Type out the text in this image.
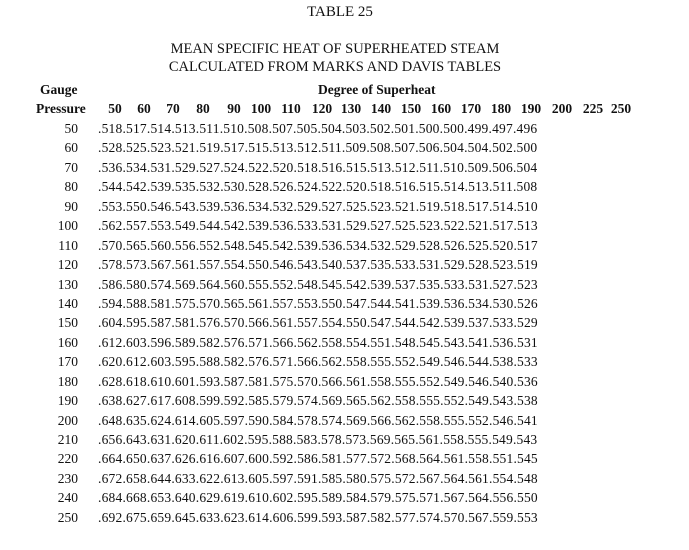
TABLE 25
MEAN SPECIFIC HEAT OF SUPERHEATED STEAM
CALCULATED FROM MARKS AND DAVIS TABLES
Gauge	Degree of Superheat
Pressure	50	60	70	80	90 100 110 120 130 140 150 160 170 180 190 200 225 250
50 .518.517.514.513.511.510.508.507.505.504.503.502.501.500.500.499.497.496
60 .528.525.523.521.519.517.515.513.512.511.509.508.507.506.504.504.502.500
70 .536.534.531.529.527.524.522.520.518.516.515.513.512.511.510.509.506.504
80 .544.542.539.535.532.530.528.526.524.522.520.518.516.515.514.513.511.508
90 .553.550.546.543.539.536.534.532.529.527.525.523.521.519.518.517.514.510
100 .562.557.553.549.544.542.539.536.533.531.529.527.525.523.522.521.517.513
110 .570.565.560.556.552.548.545.542.539.536.534.532.529.528.526.525.520.517
120 .578.573.567.561.557.554.550.546.543.540.537.535.533.531.529.528.523.519
130 .586.580.574.569.564.560.555.552.548.545.542.539.537.535.533.531.527.523
140 .594.588.581.575.570.565.561.557.553.550.547.544.541.539.536.534.530.526
150 .604.595.587.581.576.570.566.561.557.554.550.547.544.542.539.537.533.529
160 .612.603.596.589.582.576.571.566.562.558.554.551.548.545.543.541.536.531
170 .620.612.603.595.588.582.576.571.566.562.558.555.552.549.546.544.538.533
180 .628.618.610.601.593.587.581.575.570.566.561.558.555.552.549.546.540.536
190 .638.627.617.608.599.592.585.579.574.569.565.562.558.555.552.549.543.538
200 .648.635.624.614.605.597.590.584.578.574.569.566.562.558.555.552.546.541
210 .656.643.631.620.611.602.595.588.583.578.573.569.565.561.558.555.549.543
220 .664.650.637.626.616.607.600.592.586.581.577.572.568.564.561.558.551.545
230 .672.658.644.633.622.613.605.597.591.585.580.575.572.567.564.561.554.548
240 .684.668.653.640.629.619.610.602.595.589.584.579.575.571.567.564.556.550
250 .692.675.659.645.633.623.614.606.599.593.587.582.577.574.570.567.559.553
